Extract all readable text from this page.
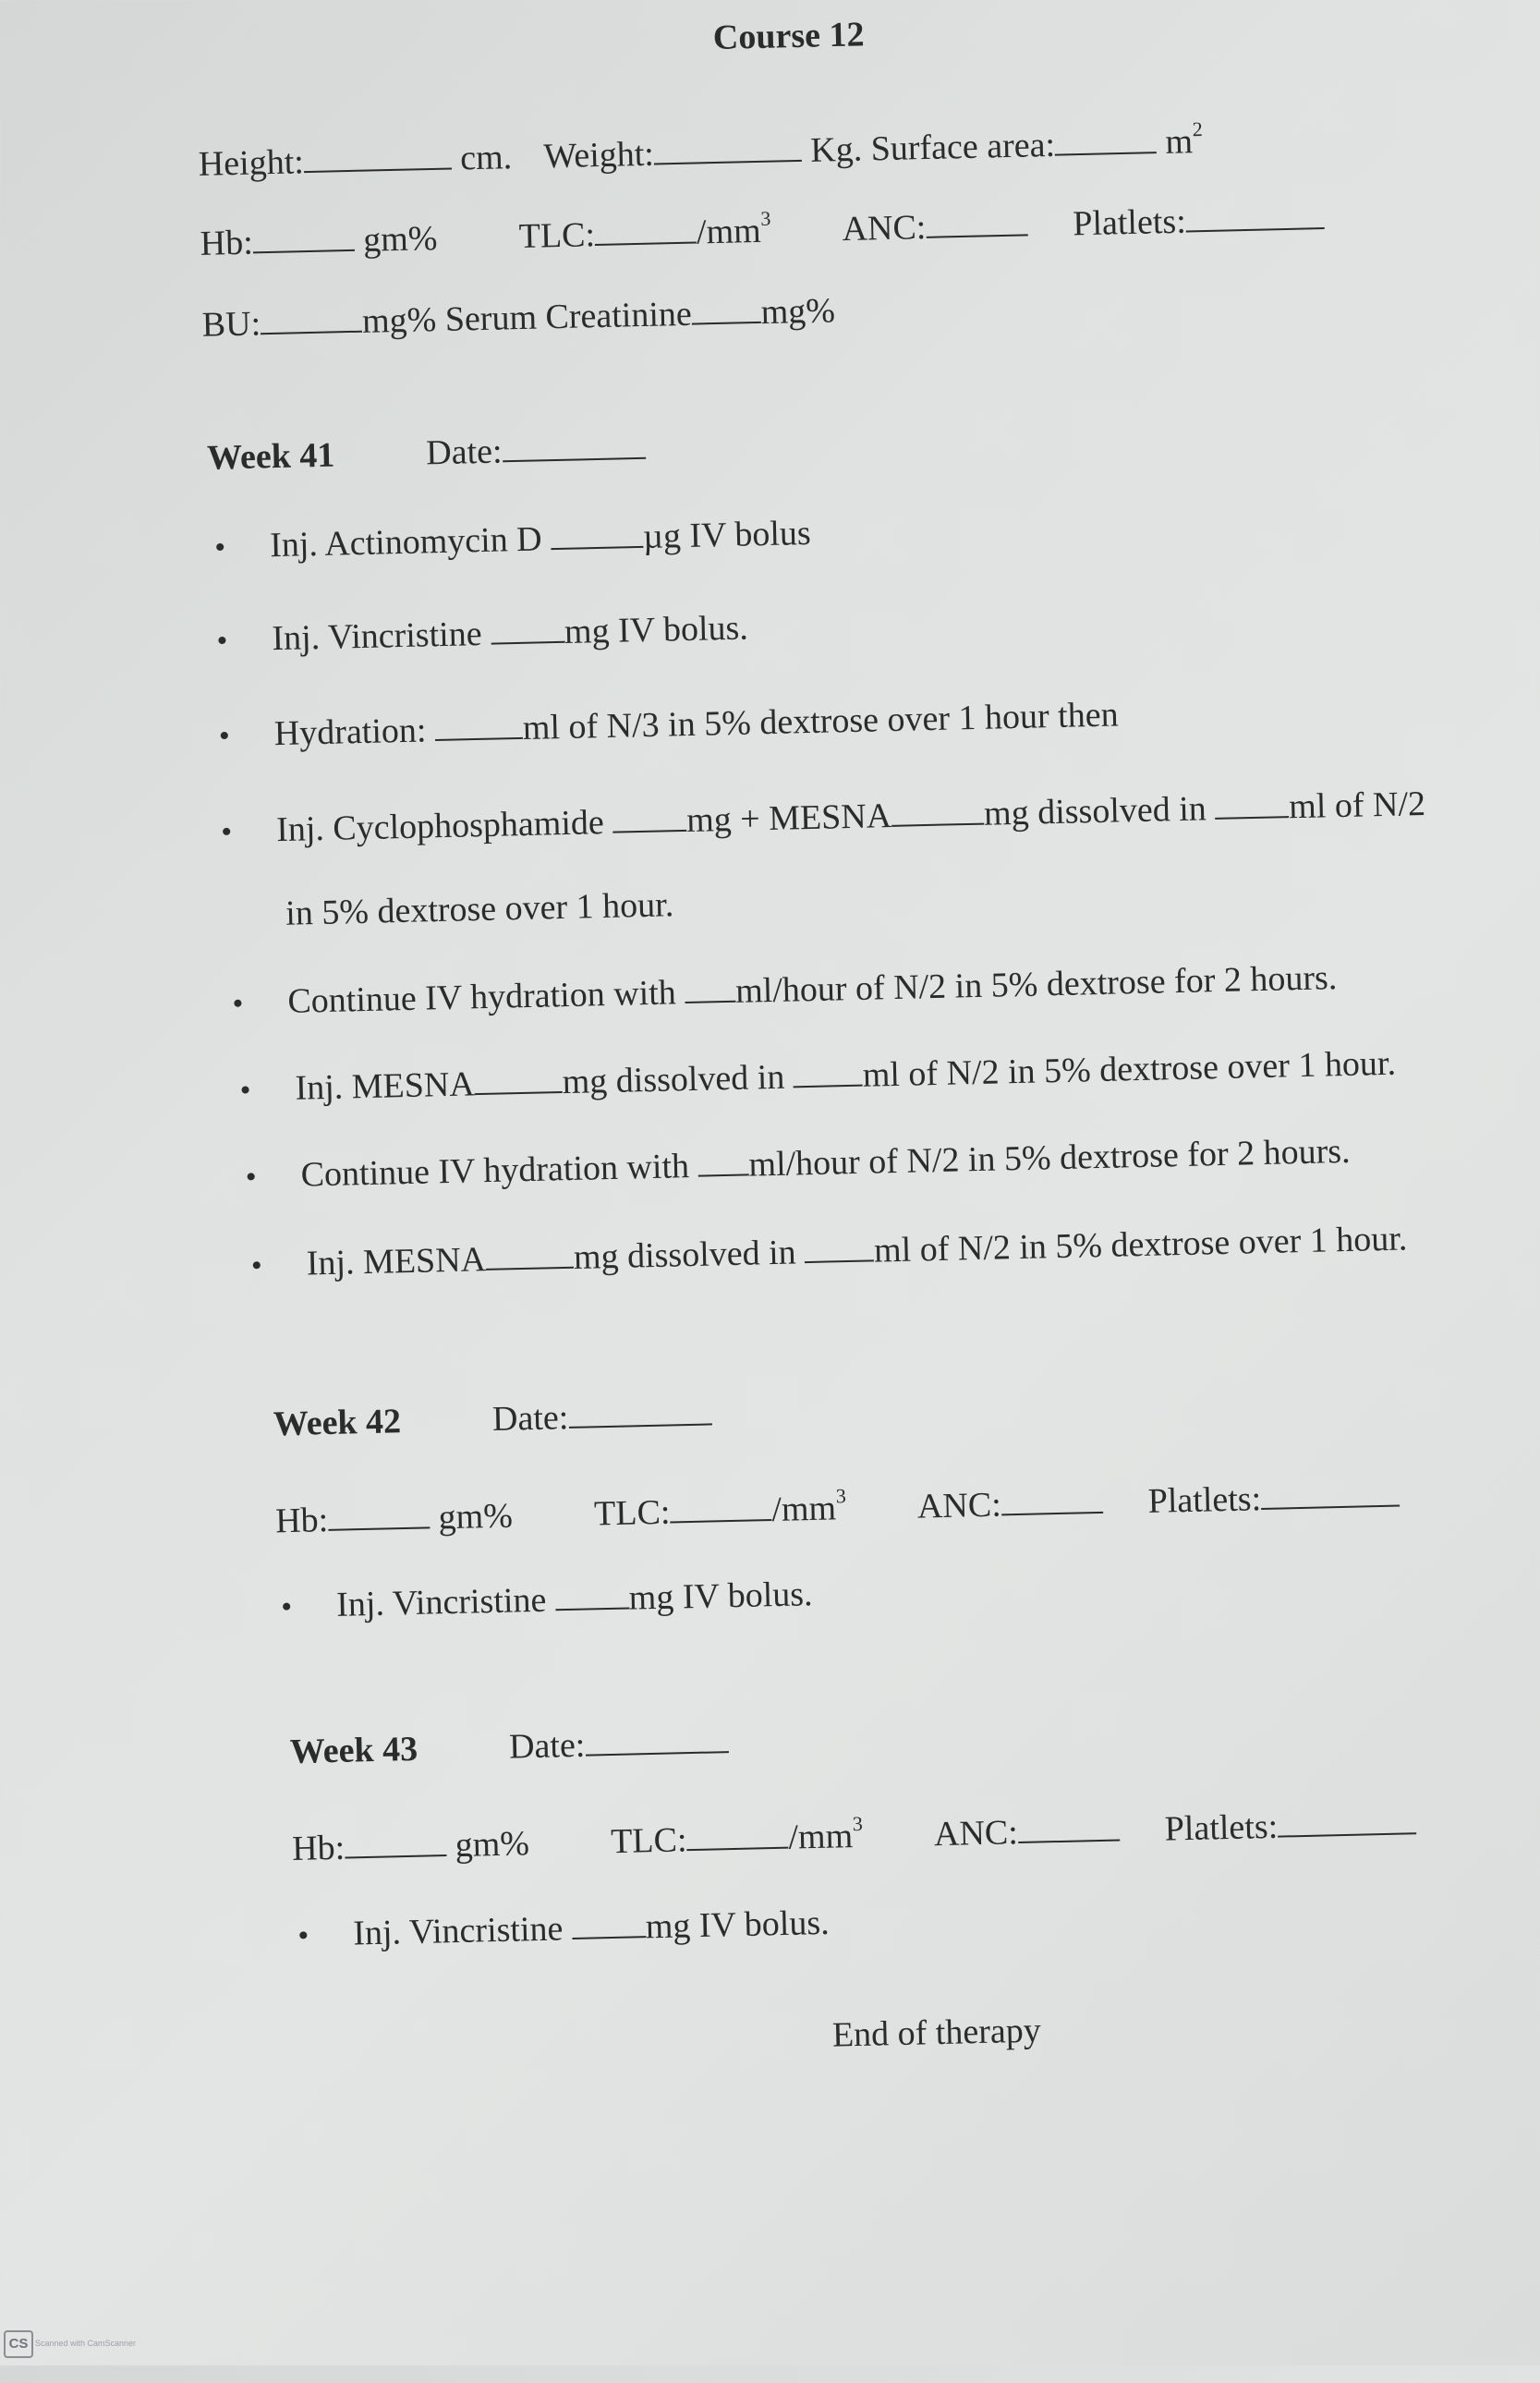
Course 12
Height:	cm. Weight:	Kg. Surface area:	$m^2$
Hb:	gm% TLC:	$/mm^3$ ANC:	Platlets:
BU:	mg% Serum Creatinine mg%
Week 41	Date:
• Inj. Actinomycin D	µg IV bolus
• Inj. Vincristine mg IV bolus.
• Hydration:	ml of N/3 in 5% dextrose over 1 hour then
• Inj. Cyclophosphamide mg + MESNA	mg dissolved in ml of N/2
in 5% dextrose over 1 hour.
• Continue IV hydration with ml/hour of N/2 in 5% dextrose for 2 hours.
• Inj. MESNA mg dissolved in ml of N/2 in 5% dextrose over 1 hour.
• Continue IV hydration with ml/hour of N/2 in 5% dextrose for 2 hours.
• Inj. MESNA mg dissolved in ml of N/2 in 5% dextrose over 1 hour.
Week 42	Date:
Hb:	gm% TLC:	$/mm^3$ ANC:	Platlets:
• Inj. Vincristine mg IV bolus.
Week 43	Date:
Hb:	gm% TLC:	$/mm^3$ ANC:	Platlets:
• Inj. Vincristine mg IV bolus.
End of therapy
CS Scanned with CamScanner
